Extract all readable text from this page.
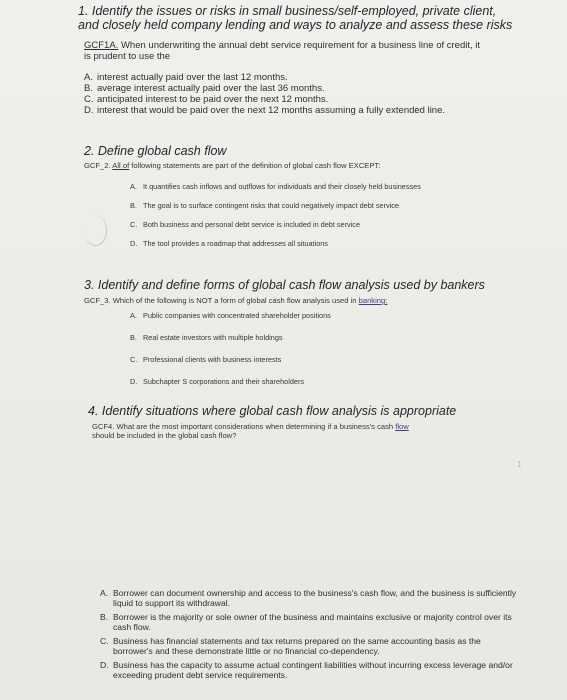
1. Identify the issues or risks in small business/self-employed, private client, and closely held company lending and ways to analyze and assess these risks
GCF1A. When underwriting the annual debt service requirement for a business line of credit, it
is prudent to use the
A. interest actually paid over the last 12 months.
B. average interest actually paid over the last 36 months.
C. anticipated interest to be paid over the next 12 months.
D. interest that would be paid over the next 12 months assuming a fully extended line.
2. Define global cash flow
GCF_2. All of following statements are part of the definition of global cash flow EXCEPT:
A. It quantifies cash inflows and outflows for individuals and their closely held businesses
B. The goal is to surface contingent risks that could negatively impact debt service
C. Both business and personal debt service is included in debt service
D. The tool provides a roadmap that addresses all situations
3. Identify and define forms of global cash flow analysis used by bankers
GCF_3. Which of the following is NOT a form of global cash flow analysis used in banking:
A. Public companies with concentrated shareholder positions
B. Real estate investors with multiple holdings
C. Professional clients with business interests
D. Subchapter S corporations and their shareholders
4. Identify situations where global cash flow analysis is appropriate
GCF4. What are the most important considerations when determining if a business's cash flow
should be included in the global cash flow?
1
A. Borrower can document ownership and access to the business's cash flow, and the business is sufficiently liquid to support its withdrawal.
B. Borrower is the majority or sole owner of the business and maintains exclusive or majority control over its cash flow.
C. Business has financial statements and tax returns prepared on the same accounting basis as the borrower's and these demonstrate little or no financial co-dependency.
D. Business has the capacity to assume actual contingent liabilities without incurring excess leverage and/or exceeding prudent debt service requirements.
